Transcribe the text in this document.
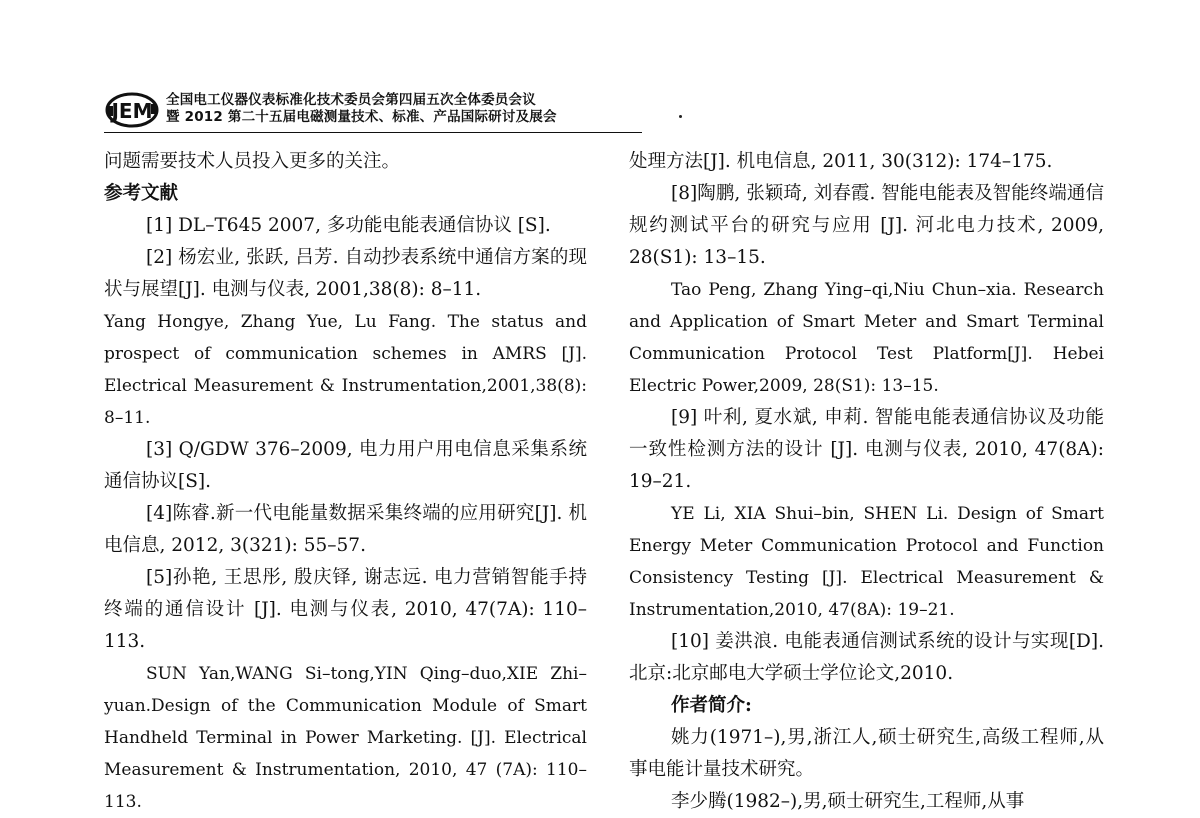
JEM 全国电工仪器仪表标准化技术委员会第四届五次全体委员会议
暨 2012 第二十五届电磁测量技术、标准、产品国际研讨及展会

问题需要技术人员投入更多的关注。

参考文献

[1] DL–T645 2007, 多功能电能表通信协议 [S].

[2] 杨宏业, 张跃, 吕芳. 自动抄表系统中通信方案的现状与展望[J]. 电测与仪表, 2001,38(8): 8–11.

Yang Hongye, Zhang Yue, Lu Fang. The status and prospect of communication schemes in AMRS [J]. Electrical Measurement & Instrumentation,2001,38(8): 8–11.

[3] Q/GDW 376–2009, 电力用户用电信息采集系统通信协议[S].

[4]陈睿.新一代电能量数据采集终端的应用研究[J]. 机电信息, 2012, 3(321): 55–57.

[5]孙艳, 王思彤, 殷庆铎, 谢志远. 电力营销智能手持终端的通信设计 [J]. 电测与仪表, 2010, 47(7A): 110–113.

SUN Yan,WANG Si–tong,YIN Qing–duo,XIE Zhi–yuan.Design of the Communication Module of Smart Handheld Terminal in Power Marketing. [J]. Electrical Measurement & Instrumentation, 2010, 47 (7A): 110–113.

处理方法[J]. 机电信息, 2011, 30(312): 174–175.

[8]陶鹏, 张颖琦, 刘春霞. 智能电能表及智能终端通信规约测试平台的研究与应用 [J]. 河北电力技术, 2009, 28(S1): 13–15.

Tao Peng, Zhang Ying–qi,Niu Chun–xia. Research and Application of Smart Meter and Smart Terminal Communication Protocol Test Platform[J]. Hebei Electric Power,2009, 28(S1): 13–15.

[9] 叶利, 夏水斌, 申莉. 智能电能表通信协议及功能一致性检测方法的设计 [J]. 电测与仪表, 2010, 47(8A): 19–21.

YE Li, XIA Shui–bin, SHEN Li. Design of Smart Energy Meter Communication Protocol and Function Consistency Testing [J]. Electrical Measurement & Instrumentation,2010, 47(8A): 19–21.

[10] 姜洪浪. 电能表通信测试系统的设计与实现[D]. 北京:北京邮电大学硕士学位论文,2010.

作者简介:

姚力(1971–),男,浙江人,硕士研究生,高级工程师,从事电能计量技术研究。

李少腾(1982–),男,硕士研究生,工程师,从事
